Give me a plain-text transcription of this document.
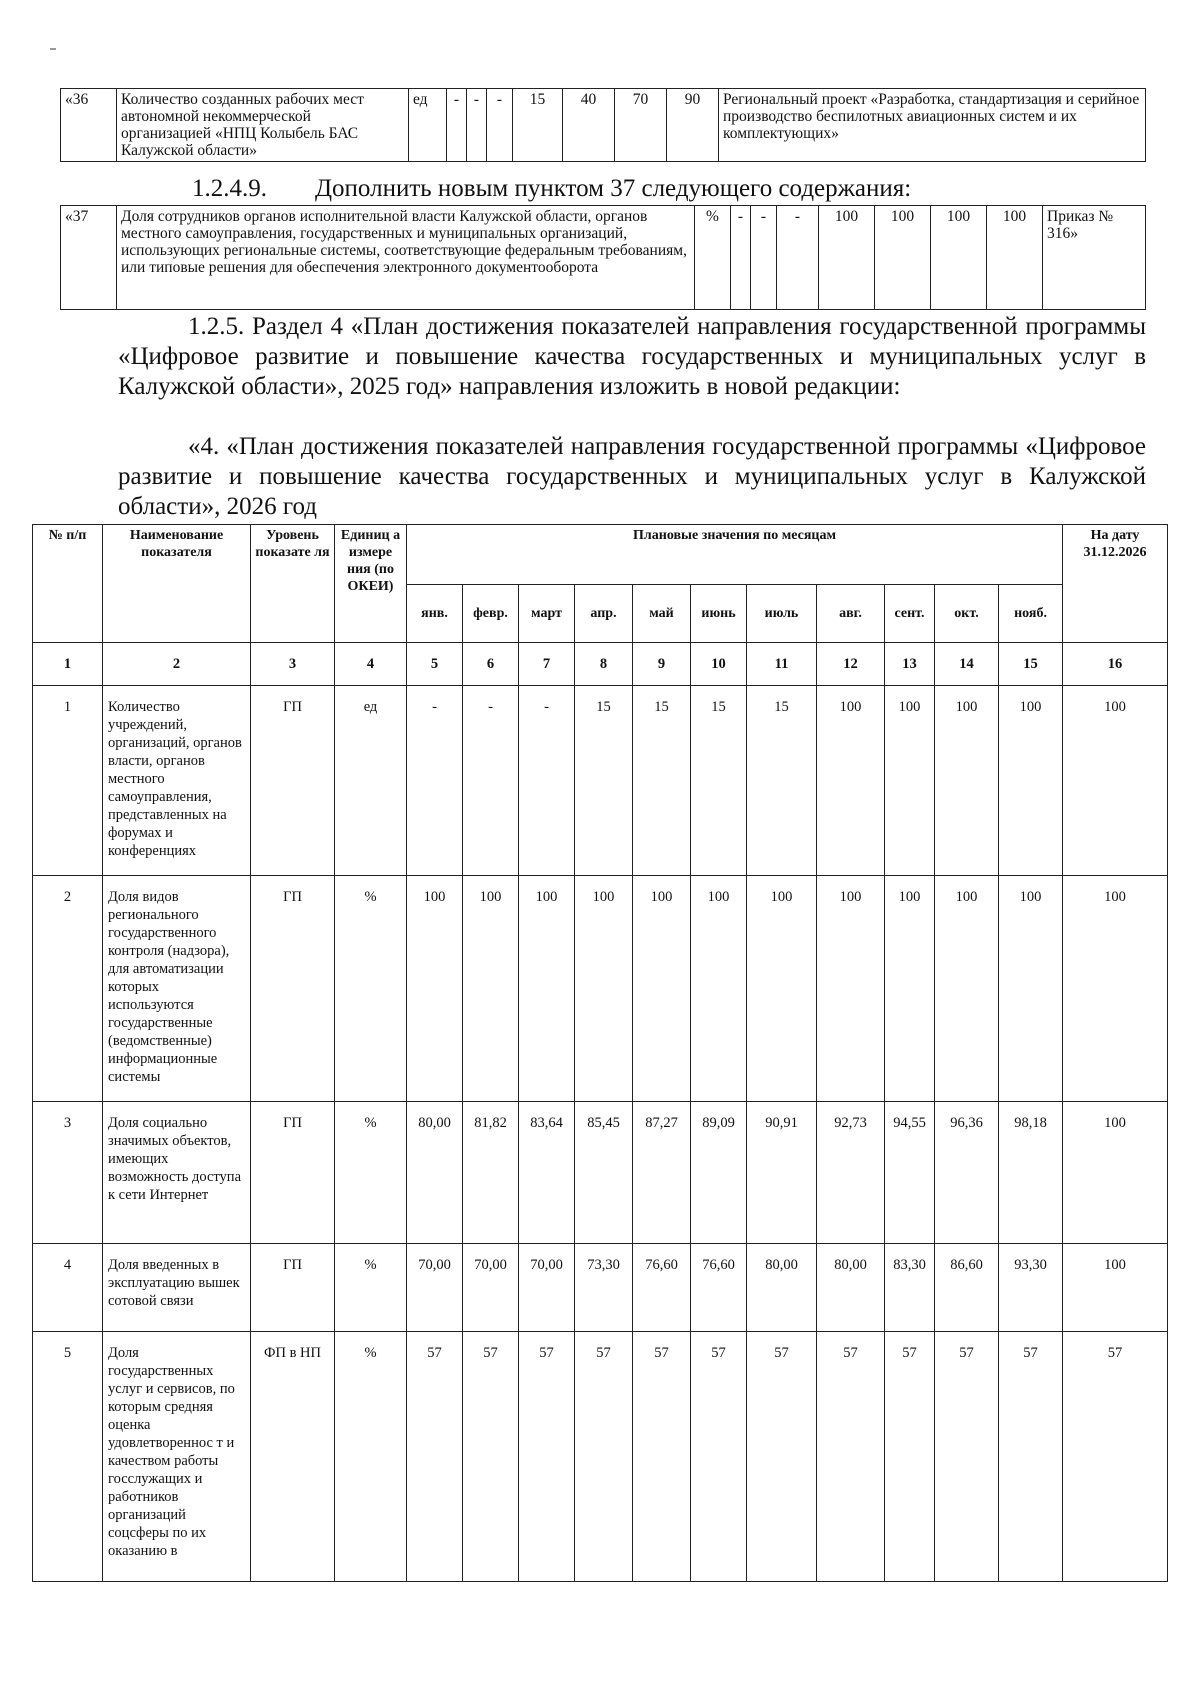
«36	Количество созданных рабочих мест автономной некоммерческой организацией «НПЦ Колыбель БАС Калужской области»	ед	-	-	-	15	40	70	90	Региональный проект «Разработка, стандартизация и серийное производство беспилотных авиационных систем и их комплектующих»
1.2.4.9. Дополнить новым пунктом 37 следующего содержания:
«37	Доля сотрудников органов исполнительной власти Калужской области, органов местного самоуправления, государственных и муниципальных организаций, использующих региональные системы, соответствующие федеральным требованиям, или типовые решения для обеспечения электронного документооборота	%	-	-	-	100	100	100	100	Приказ № 316»
1.2.5. Раздел 4 «План достижения показателей направления государственной программы «Цифровое развитие и повышение качества государственных и муниципальных услуг в Калужской области», 2025 год» направления изложить в новой редакции:
«4. «План достижения показателей направления государственной программы «Цифровое развитие и повышение качества государственных и муниципальных услуг в Калужской области», 2026 год
№ п/п	Наименование показателя	Уровень показате ля	Единиц а измере ния (по ОКЕИ)	Плановые значения по месяцам											На дату 31.12.2026
				янв.	февр.	март	апр.	май	июнь	июль	авг.	сент.	окт.	нояб.	
1	2	3	4	5	6	7	8	9	10	11	12	13	14	15	16
1	Количество учреждений, организаций, органов власти, органов местного самоуправления, представленных на форумах и конференциях	ГП	ед	-	-	-	15	15	15	15	100	100	100	100	100
2	Доля видов регионального государственного контроля (надзора), для автоматизации которых используются государственные (ведомственные) информационные системы	ГП	%	100	100	100	100	100	100	100	100	100	100	100	100
3	Доля социально значимых объектов, имеющих возможность доступа к сети Интернет	ГП	%	80,00	81,82	83,64	85,45	87,27	89,09	90,91	92,73	94,55	96,36	98,18	100
4	Доля введенных в эксплуатацию вышек сотовой связи	ГП	%	70,00	70,00	70,00	73,30	76,60	76,60	80,00	80,00	83,30	86,60	93,30	100
5	Доля государственных услуг и сервисов, по которым средняя оценка удовлетвореннос т и качеством работы госслужащих и работников организаций соцсферы по их оказанию в	ФП в НП	%	57	57	57	57	57	57	57	57	57	57	57	57
